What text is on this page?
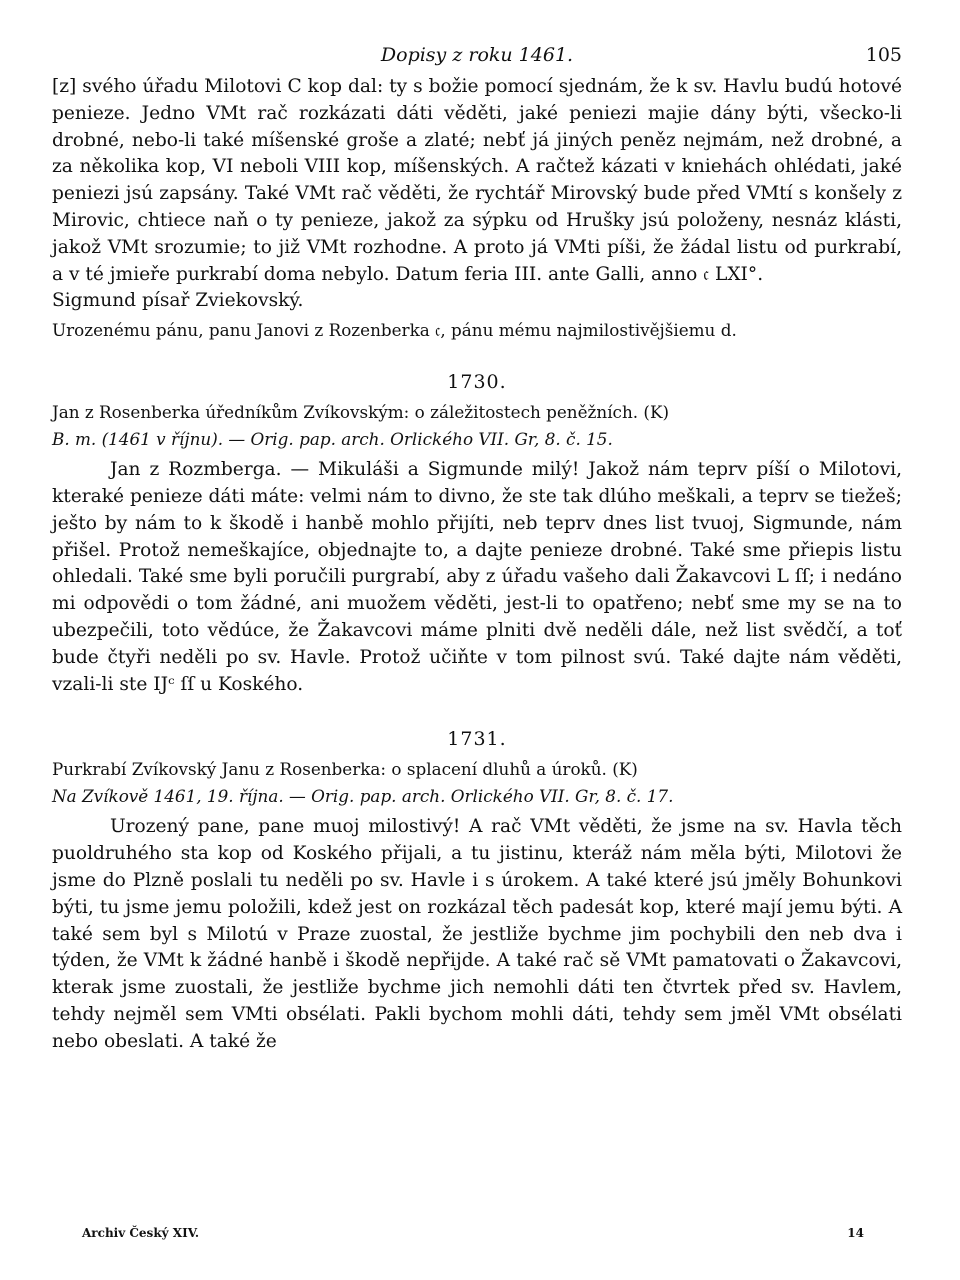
Dopisy z roku 1461.	105

[z] svého úřadu Milotovi C kop dal: ty s božie pomocí sjednám, že k sv. Havlu budú hotové penieze. Jedno VMt rač rozkázati dáti věděti, jaké peniezi majie dány býti, všecko-li drobné, nebo-li také míšenské groše a zlaté; nebť já jiných peněz nejmám, než drobné, a za několika kop, VI neboli VIII kop, míšenských. A račtež kázati v kniehách ohlédati, jaké peniezi jsú zapsány. Také VMt rač věděti, že rychtář Mirovský bude před VMtí s konšely z Mirovic, chtiece naň o ty penieze, jakož za sýpku od Hrušky jsú položeny, nesnáz klásti, jakož VMt srozumie; to již VMt rozhodne. A proto já VMti píši, že žádal listu od purkrabí, a v té jmieře purkrabí doma nebylo. Datum feria III. ante Galli, anno 𝔠 LXI°.

Sigmund písař Zviekovský.

Urozenému pánu, panu Janovi z Rozenberka 𝔠, pánu mému najmilostivějšiemu d.

1730.

Jan z Rosenberka úředníkům Zvíkovským: o záležitostech peněžních. (K)

B. m. (1461 v říjnu). — Orig. pap. arch. Orlického VII. Gr, 8. č. 15.

Jan z Rozmberga. — Mikuláši a Sigmunde milý! Jakož nám teprv píší o Milotovi, kteraké penieze dáti máte: velmi nám to divno, že ste tak dlúho meškali, a teprv se tiežeš; ješto by nám to k škodě i hanbě mohlo přijíti, neb teprv dnes list tvuoj, Sigmunde, nám přišel. Protož nemeškajíce, objednajte to, a dajte penieze drobné. Také sme přiepis listu ohledali. Také sme byli poručili purgrabí, aby z úřadu vašeho dali Žakavcovi L ſſ; i nedáno mi odpovědi o tom žádné, ani muožem věděti, jest-li to opatřeno; nebť sme my se na to ubezpečili, toto vědúce, že Žakavcovi máme plniti dvě neděli dále, než list svědčí, a toť bude čtyři neděli po sv. Havle. Protož učiňte v tom pilnost svú. Také dajte nám věděti, vzali-li ste IJᶜ ſſ u Koského.

1731.

Purkrabí Zvíkovský Janu z Rosenberka: o splacení dluhů a úroků. (K)

Na Zvíkově 1461, 19. října. — Orig. pap. arch. Orlického VII. Gr, 8. č. 17.

Urozený pane, pane muoj milostivý! A rač VMt věděti, že jsme na sv. Havla těch puoldruhého sta kop od Koského přijali, a tu jistinu, kteráž nám měla býti, Milotovi že jsme do Plzně poslali tu neděli po sv. Havle i s úrokem. A také které jsú jměly Bohunkovi býti, tu jsme jemu položili, kdež jest on rozkázal těch padesát kop, které mají jemu býti. A také sem byl s Milotú v Praze zuostal, že jestliže bychme jim pochybili den neb dva i týden, že VMt k žádné hanbě i škodě nepřijde. A také rač sě VMt pamatovati o Žakavcovi, kterak jsme zuostali, že jestliže bychme jich nemohli dáti ten čtvrtek před sv. Havlem, tehdy nejměl sem VMti obsélati. Pakli bychom mohli dáti, tehdy sem jměl VMt obsélati nebo obeslati. A také že

Archiv Český XIV.	14
